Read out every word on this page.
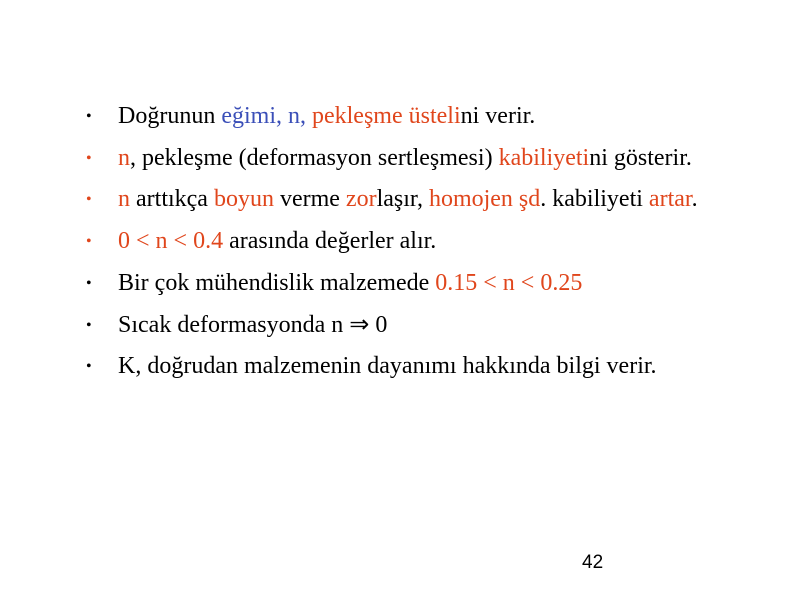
• Doğrunun eğimi, n, pekleşme üstelini verir.
• n, pekleşme (deformasyon sertleşmesi) kabiliyetini gösterir.
• n arttıkça boyun verme zorlaşır, homojen şd. kabiliyeti artar.
• 0 < n < 0.4 arasında değerler alır.
• Bir çok mühendislik malzemede 0.15 < n < 0.25
• Sıcak deformasyonda n ⇒ 0
• K, doğrudan malzemenin dayanımı hakkında bilgi verir.
42
